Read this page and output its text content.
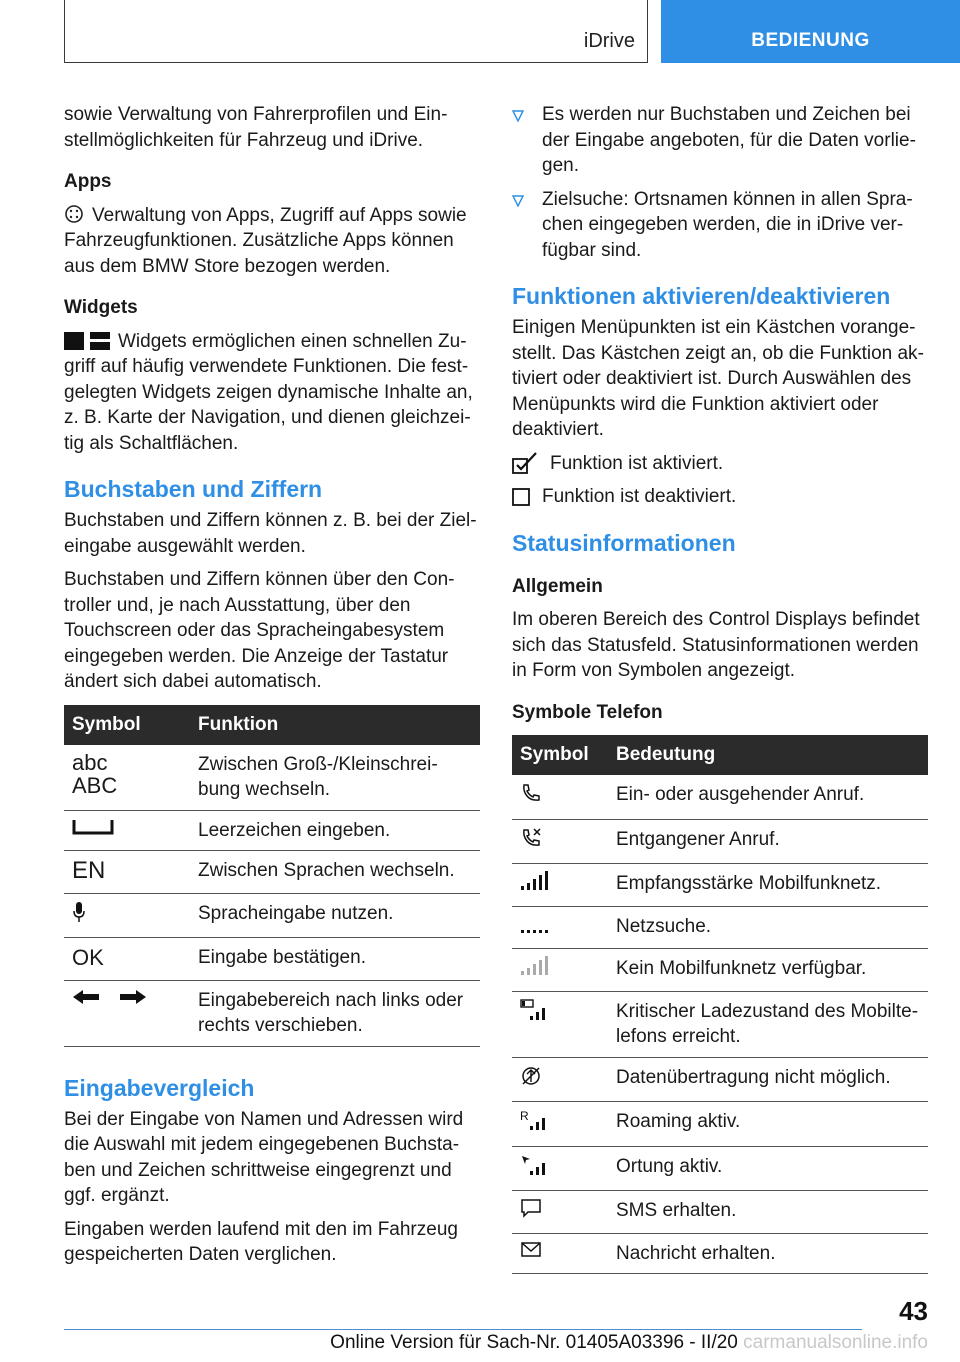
iDrive	BEDIENUNG

sowie Verwaltung von Fahrerprofilen und Einstellmöglichkeiten für Fahrzeug und iDrive.

Apps

Verwaltung von Apps, Zugriff auf Apps sowie Fahrzeugfunktionen. Zusätzliche Apps können aus dem BMW Store bezogen werden.

Widgets

Widgets ermöglichen einen schnellen Zugriff auf häufig verwendete Funktionen. Die festgelegten Widgets zeigen dynamische Inhalte an, z. B. Karte der Navigation, und dienen gleichzeitig als Schaltflächen.

Buchstaben und Ziffern

Buchstaben und Ziffern können z. B. bei der Zieleingabe ausgewählt werden.

Buchstaben und Ziffern können über den Controller und, je nach Ausstattung, über den Touchscreen oder das Spracheingabesystem eingegeben werden. Die Anzeige der Tastatur ändert sich dabei automatisch.

Symbol	Funktion

abc
ABC	Zwischen Groß-/Kleinschreibung wechseln.
	Leerzeichen eingeben.
EN	Zwischen Sprachen wechseln.
	Spracheingabe nutzen.
OK	Eingabe bestätigen.
	Eingabebereich nach links oder rechts verschieben.
Eingabevergleich

Bei der Eingabe von Namen und Adressen wird die Auswahl mit jedem eingegebenen Buchstaben und Zeichen schrittweise eingegrenzt und ggf. ergänzt.

Eingaben werden laufend mit den im Fahrzeug gespeicherten Daten verglichen.

Es werden nur Buchstaben und Zeichen bei der Eingabe angeboten, für die Daten vorliegen.
Zielsuche: Ortsnamen können in allen Sprachen eingegeben werden, die in iDrive verfügbar sind.
Funktionen aktivieren/deaktivieren

Einigen Menüpunkten ist ein Kästchen vorangestellt. Das Kästchen zeigt an, ob die Funktion aktiviert oder deaktiviert ist. Durch Auswählen des Menüpunkts wird die Funktion aktiviert oder deaktiviert.

Funktion ist aktiviert.
Funktion ist deaktiviert.
Statusinformationen
Allgemein

Im oberen Bereich des Control Displays befindet sich das Statusfeld. Statusinformationen werden in Form von Symbolen angezeigt.

Symbole Telefon
Symbol	Bedeutung
	Ein- oder ausgehender Anruf.
	Entgangener Anruf.
	Empfangsstärke Mobilfunknetz.
	Netzsuche.
	Kein Mobilfunknetz verfügbar.
	Kritischer Ladezustand des Mobiltelefons erreicht.
	Datenübertragung nicht möglich.

R	Roaming aktiv.
	Ortung aktiv.
	SMS erhalten.
	Nachricht erhalten.
43
Online Version für Sach-Nr. 01405A03396 - II/20 carmanualsonline.info
